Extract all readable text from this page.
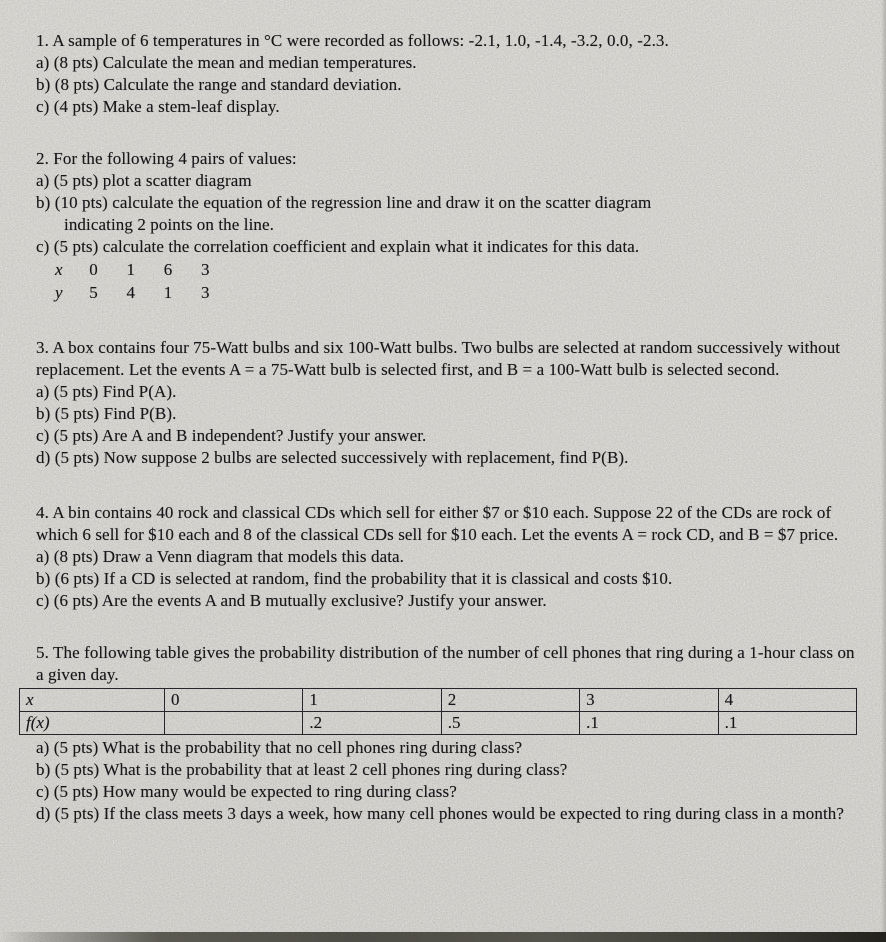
1. A sample of 6 temperatures in °C were recorded as follows: -2.1, 1.0, -1.4, -3.2, 0.0, -2.3.

a) (8 pts) Calculate the mean and median temperatures.

b) (8 pts) Calculate the range and standard deviation.

c) (4 pts) Make a stem-leaf display.

2. For the following 4 pairs of values:

a) (5 pts) plot a scatter diagram

b) (10 pts) calculate the equation of the regression line and draw it on the scatter diagram

indicating 2 points on the line.

c) (5 pts) calculate the correlation coefficient and explain what it indicates for this data.

x 0 1 6 3
y 5 4 1 3

3. A box contains four 75-Watt bulbs and six 100-Watt bulbs. Two bulbs are selected at random successively without replacement. Let the events A = a 75-Watt bulb is selected first, and B = a 100-Watt bulb is selected second.

a) (5 pts) Find P(A).

b) (5 pts) Find P(B).

c) (5 pts) Are A and B independent? Justify your answer.

d) (5 pts) Now suppose 2 bulbs are selected successively with replacement, find P(B).

4. A bin contains 40 rock and classical CDs which sell for either $7 or $10 each. Suppose 22 of the CDs are rock of which 6 sell for $10 each and 8 of the classical CDs sell for $10 each. Let the events A = rock CD, and B = $7 price.

a) (8 pts) Draw a Venn diagram that models this data.

b) (6 pts) If a CD is selected at random, find the probability that it is classical and costs $10.

c) (6 pts) Are the events A and B mutually exclusive? Justify your answer.

5. The following table gives the probability distribution of the number of cell phones that ring during a 1-hour class on a given day.

x	0	1	2	3	4
f(x)		.2	.5	.1	.1

a) (5 pts) What is the probability that no cell phones ring during class?

b) (5 pts) What is the probability that at least 2 cell phones ring during class?

c) (5 pts) How many would be expected to ring during class?

d) (5 pts) If the class meets 3 days a week, how many cell phones would be expected to ring during class in a month?
